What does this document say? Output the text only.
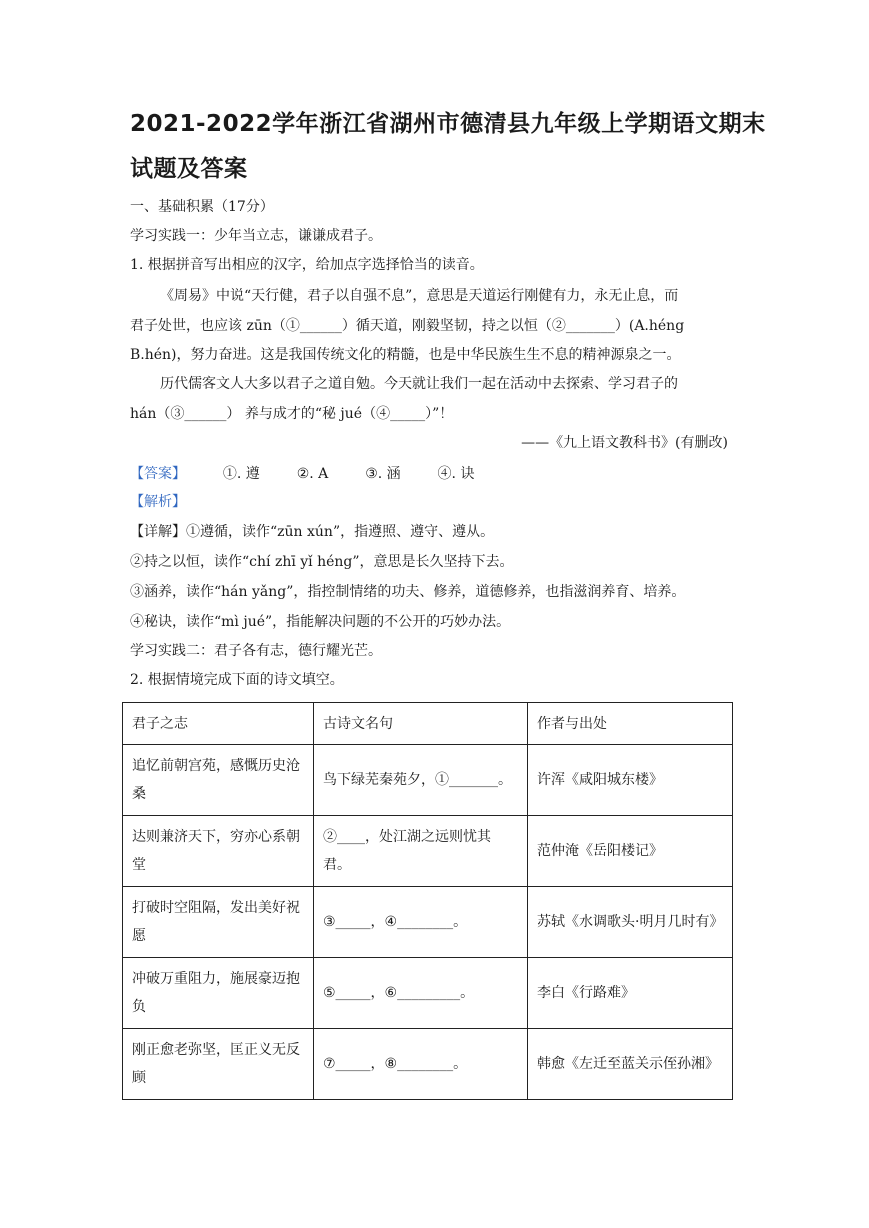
2021-2022学年浙江省湖州市德清县九年级上学期语文期末
试题及答案
一、基础积累（17分）
学习实践一：少年当立志，谦谦成君子。
1. 根据拼音写出相应的汉字，给加点字选择恰当的读音。
《周易》中说“天行健，君子以自强不息”，意思是天道运行刚健有力，永无止息，而
君子处世，也应该 zūn（①______）循天道，刚毅坚韧，持之以恒（②_______）(A.héng
B.hén)，努力奋进。这是我国传统文化的精髓，也是中华民族生生不息的精神源泉之一。
历代儒客文人大多以君子之道自勉。今天就让我们一起在活动中去探索、学习君子的
hán（③______） 养与成才的“秘 jué（④_____）”！
——《九上语文教科书》(有删改)
【答案】	①. 遵	②. A	③. 涵	④. 诀
【解析】
【详解】①遵循，读作“zūn xún”，指遵照、遵守、遵从。
②持之以恒，读作“chí zhī yǐ héng”，意思是长久坚持下去。
③涵养，读作“hán yǎng”，指控制情绪的功夫、修养，道德修养，也指滋润养育、培养。
④秘诀，读作“mì jué”，指能解决问题的不公开的巧妙办法。
学习实践二：君子各有志，德行耀光芒。
2. 根据情境完成下面的诗文填空。
君子之志	古诗文名句	作者与出处
追忆前朝宫苑，感慨历史沧桑	鸟下绿芜秦苑夕，①_______。	许浑《咸阳城东楼》
达则兼济天下，穷亦心系朝堂	②____，处江湖之远则忧其君。	范仲淹《岳阳楼记》
打破时空阻隔，发出美好祝愿	③_____，④________。	苏轼《水调歌头·明月几时有》
冲破万重阻力，施展豪迈抱负	⑤_____，⑥_________。	李白《行路难》
刚正愈老弥坚，匡正义无反顾	⑦_____，⑧________。	韩愈《左迁至蓝关示侄孙湘》
